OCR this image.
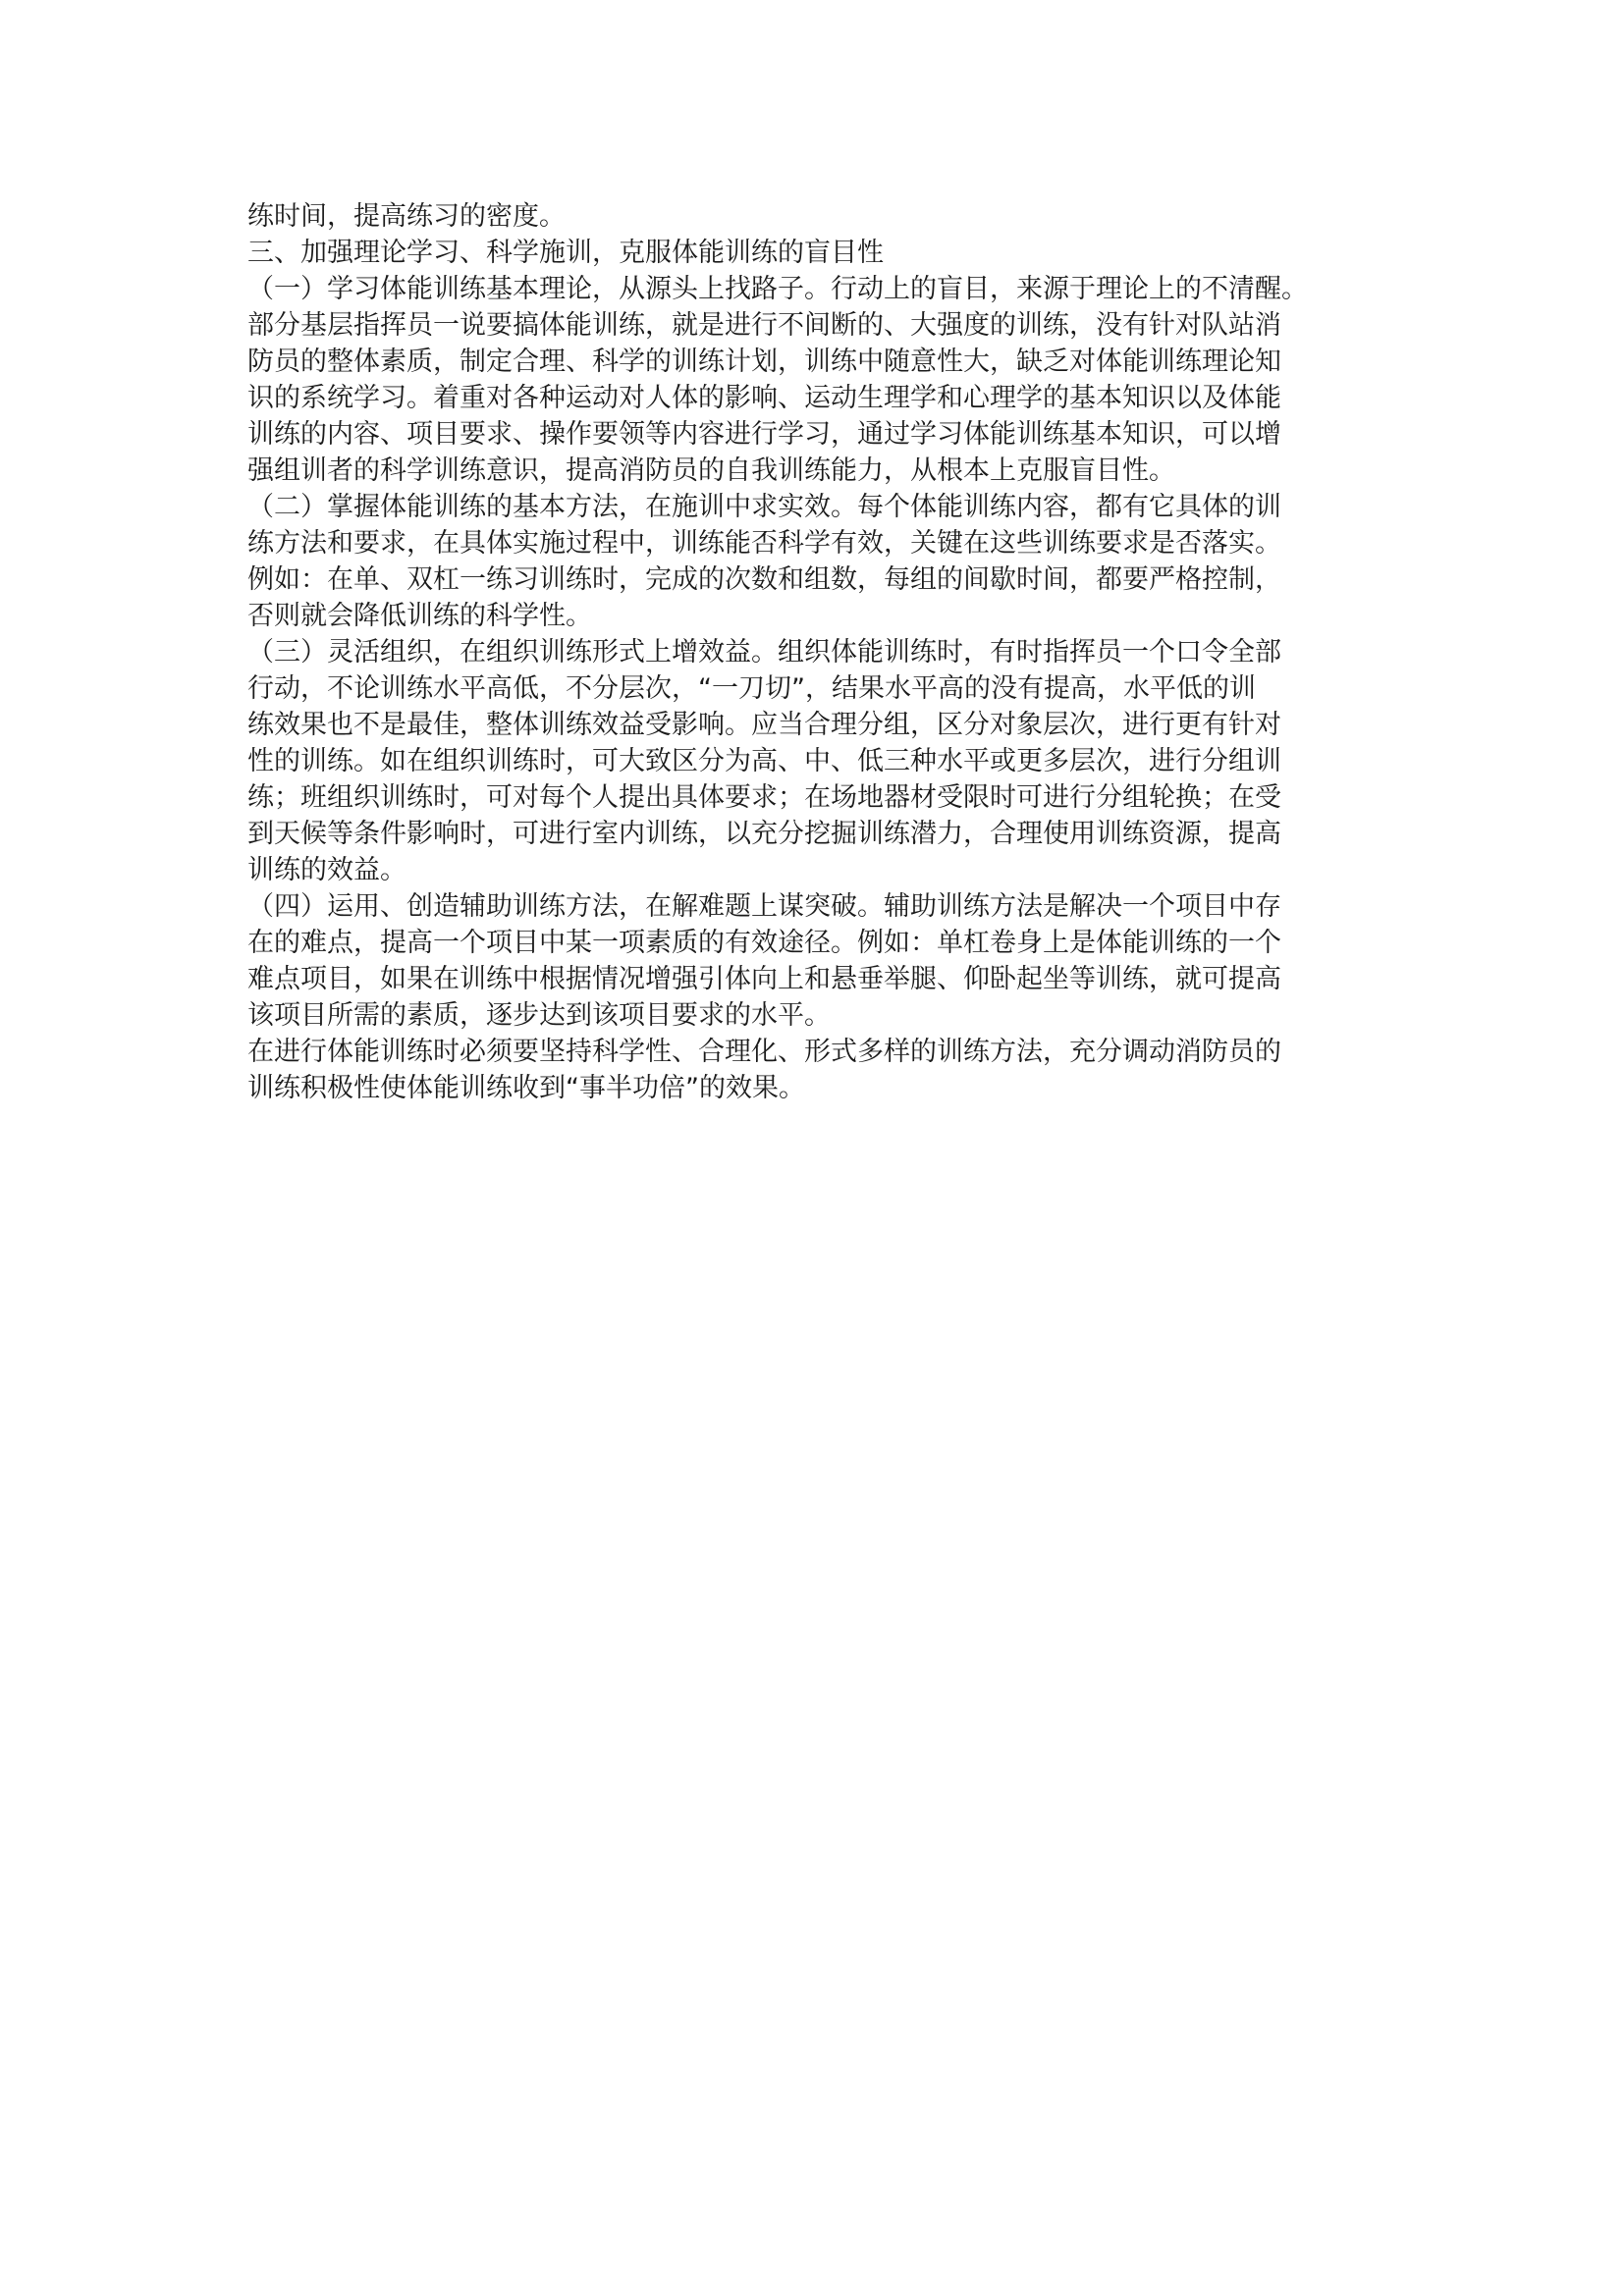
练时间，提高练习的密度。
三、加强理论学习、科学施训，克服体能训练的盲目性
（一）学习体能训练基本理论，从源头上找路子。行动上的盲目，来源于理论上的不清醒。
部分基层指挥员一说要搞体能训练，就是进行不间断的、大强度的训练，没有针对队站消
防员的整体素质，制定合理、科学的训练计划，训练中随意性大，缺乏对体能训练理论知
识的系统学习。着重对各种运动对人体的影响、运动生理学和心理学的基本知识以及体能
训练的内容、项目要求、操作要领等内容进行学习，通过学习体能训练基本知识，可以增
强组训者的科学训练意识，提高消防员的自我训练能力，从根本上克服盲目性。
（二）掌握体能训练的基本方法，在施训中求实效。每个体能训练内容，都有它具体的训
练方法和要求，在具体实施过程中，训练能否科学有效，关键在这些训练要求是否落实。
例如：在单、双杠一练习训练时，完成的次数和组数，每组的间歇时间，都要严格控制，
否则就会降低训练的科学性。
（三）灵活组织，在组织训练形式上增效益。组织体能训练时，有时指挥员一个口令全部
行动，不论训练水平高低，不分层次，“一刀切”，结果水平高的没有提高，水平低的训
练效果也不是最佳，整体训练效益受影响。应当合理分组，区分对象层次，进行更有针对
性的训练。如在组织训练时，可大致区分为高、中、低三种水平或更多层次，进行分组训
练；班组织训练时，可对每个人提出具体要求；在场地器材受限时可进行分组轮换；在受
到天候等条件影响时，可进行室内训练，以充分挖掘训练潜力，合理使用训练资源，提高
训练的效益。
（四）运用、创造辅助训练方法，在解难题上谋突破。辅助训练方法是解决一个项目中存
在的难点，提高一个项目中某一项素质的有效途径。例如：单杠卷身上是体能训练的一个
难点项目，如果在训练中根据情况增强引体向上和悬垂举腿、仰卧起坐等训练，就可提高
该项目所需的素质，逐步达到该项目要求的水平。
在进行体能训练时必须要坚持科学性、合理化、形式多样的训练方法，充分调动消防员的
训练积极性使体能训练收到“事半功倍”的效果。
